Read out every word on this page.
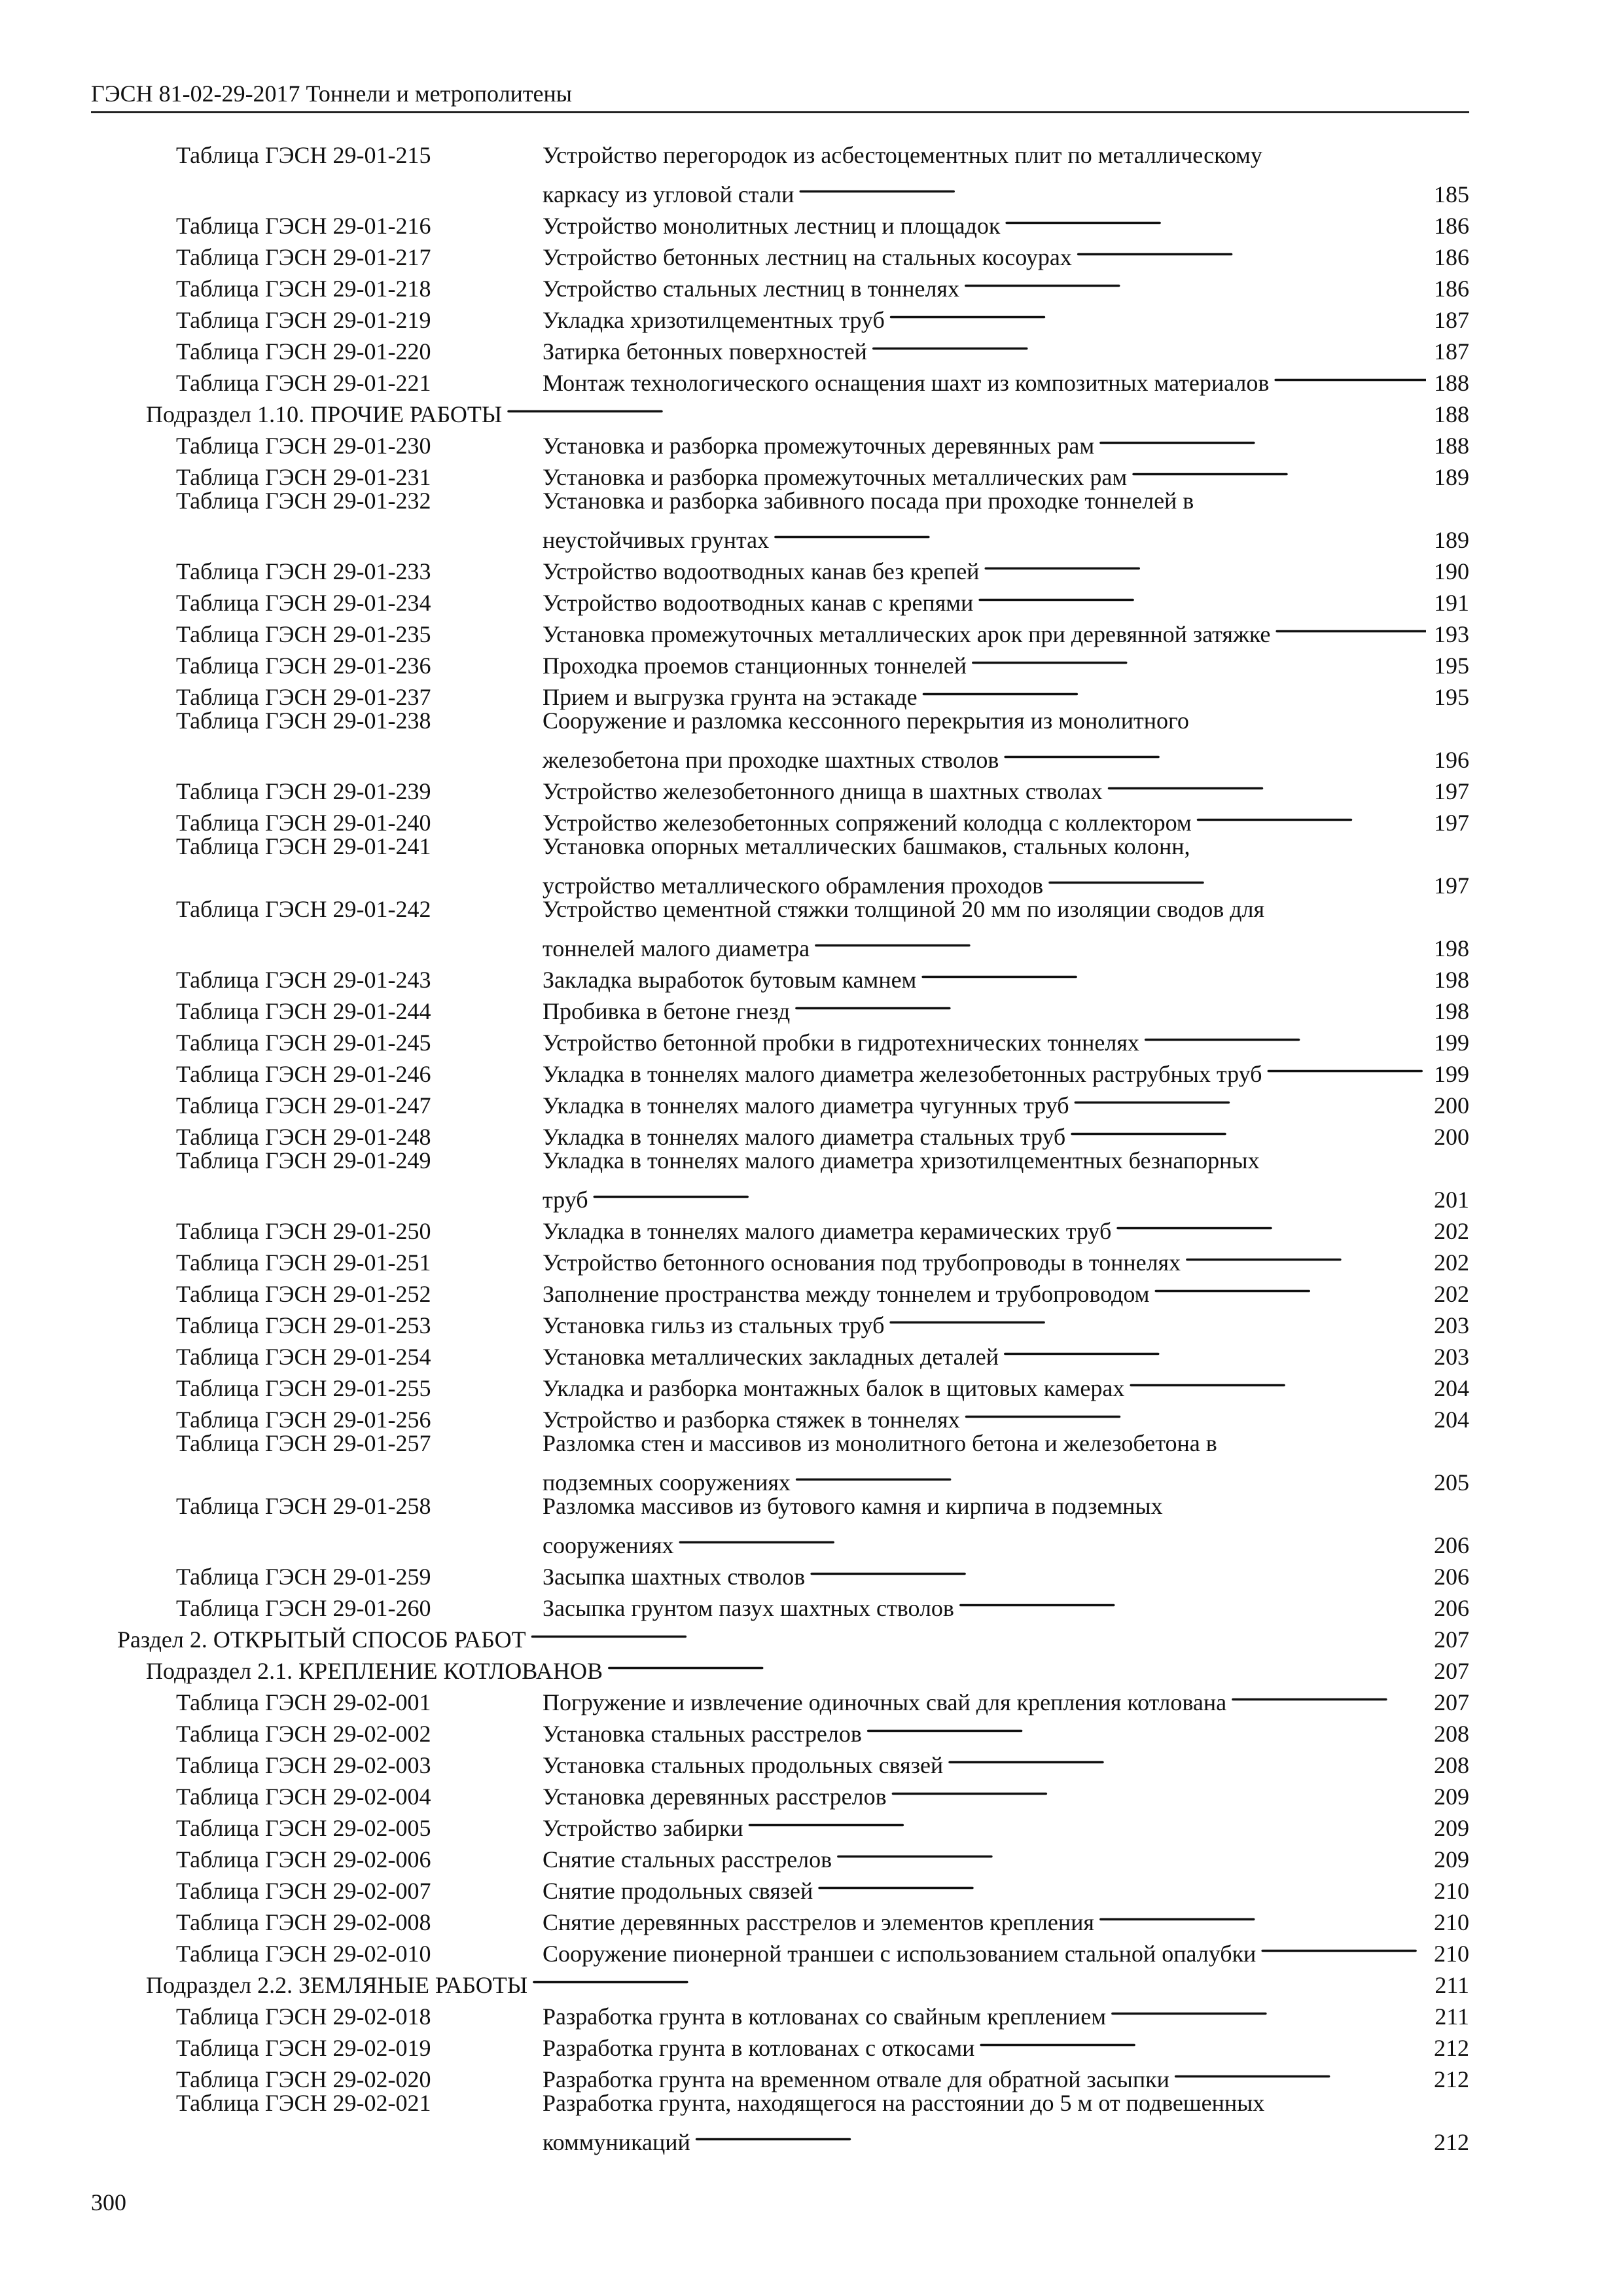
ГЭСН 81-02-29-2017 Тоннели и метрополитены
Таблица ГЭСН 29-01-215	Устройство перегородок из асбестоцементных плит по металлическому
каркасу из угловой стали . . .	185
Таблица ГЭСН 29-01-216	Устройство монолитных лестниц и площадок . . .	186
Таблица ГЭСН 29-01-217	Устройство бетонных лестниц на стальных косоурах . . .	186
Таблица ГЭСН 29-01-218	Устройство стальных лестниц в тоннелях . . .	186
Таблица ГЭСН 29-01-219	Укладка хризотилцементных труб . . .	187
Таблица ГЭСН 29-01-220	Затирка бетонных поверхностей . . .	187
Таблица ГЭСН 29-01-221	Монтаж технологического оснащения шахт из композитных материалов . . .	188
Подраздел 1.10. ПРОЧИЕ РАБОТЫ . . .	188
Таблица ГЭСН 29-01-230	Установка и разборка промежуточных деревянных рам . . .	188
Таблица ГЭСН 29-01-231	Установка и разборка промежуточных металлических рам . . .	189
Таблица ГЭСН 29-01-232	Установка и разборка забивного посада при проходке тоннелей в
неустойчивых грунтах . . .	189
Таблица ГЭСН 29-01-233	Устройство водоотводных канав без крепей . . .	190
Таблица ГЭСН 29-01-234	Устройство водоотводных канав с крепями . . .	191
Таблица ГЭСН 29-01-235	Установка промежуточных металлических арок при деревянной затяжке . . .	193
Таблица ГЭСН 29-01-236	Проходка проемов станционных тоннелей . . .	195
Таблица ГЭСН 29-01-237	Прием и выгрузка грунта на эстакаде . . .	195
Таблица ГЭСН 29-01-238	Сооружение и разломка кессонного перекрытия из монолитного
железобетона при проходке шахтных стволов . . .	196
Таблица ГЭСН 29-01-239	Устройство железобетонного днища в шахтных стволах . . .	197
Таблица ГЭСН 29-01-240	Устройство железобетонных сопряжений колодца с коллектором . . .	197
Таблица ГЭСН 29-01-241	Установка опорных металлических башмаков, стальных колонн,
устройство металлического обрамления проходов . . .	197
Таблица ГЭСН 29-01-242	Устройство цементной стяжки толщиной 20 мм по изоляции сводов для
тоннелей малого диаметра . . .	198
Таблица ГЭСН 29-01-243	Закладка выработок бутовым камнем . . .	198
Таблица ГЭСН 29-01-244	Пробивка в бетоне гнезд . . .	198
Таблица ГЭСН 29-01-245	Устройство бетонной пробки в гидротехнических тоннелях . . .	199
Таблица ГЭСН 29-01-246	Укладка в тоннелях малого диаметра железобетонных раструбных труб . . .	199
Таблица ГЭСН 29-01-247	Укладка в тоннелях малого диаметра чугунных труб . . .	200
Таблица ГЭСН 29-01-248	Укладка в тоннелях малого диаметра стальных труб . . .	200
Таблица ГЭСН 29-01-249	Укладка в тоннелях малого диаметра хризотилцементных безнапорных
труб . . .	201
Таблица ГЭСН 29-01-250	Укладка в тоннелях малого диаметра керамических труб . . .	202
Таблица ГЭСН 29-01-251	Устройство бетонного основания под трубопроводы в тоннелях . . .	202
Таблица ГЭСН 29-01-252	Заполнение пространства между тоннелем и трубопроводом . . .	202
Таблица ГЭСН 29-01-253	Установка гильз из стальных труб . . .	203
Таблица ГЭСН 29-01-254	Установка металлических закладных деталей . . .	203
Таблица ГЭСН 29-01-255	Укладка и разборка монтажных балок в щитовых камерах . . .	204
Таблица ГЭСН 29-01-256	Устройство и разборка стяжек в тоннелях . . .	204
Таблица ГЭСН 29-01-257	Разломка стен и массивов из монолитного бетона и железобетона в
подземных сооружениях . . .	205
Таблица ГЭСН 29-01-258	Разломка массивов из бутового камня и кирпича в подземных
сооружениях . . .	206
Таблица ГЭСН 29-01-259	Засыпка шахтных стволов . . .	206
Таблица ГЭСН 29-01-260	Засыпка грунтом пазух шахтных стволов . . .	206
Раздел 2. ОТКРЫТЫЙ СПОСОБ РАБОТ . . .	207
Подраздел 2.1. КРЕПЛЕНИЕ КОТЛОВАНОВ . . .	207
Таблица ГЭСН 29-02-001	Погружение и извлечение одиночных свай для крепления котлована . . .	207
Таблица ГЭСН 29-02-002	Установка стальных расстрелов . . .	208
Таблица ГЭСН 29-02-003	Установка стальных продольных связей . . .	208
Таблица ГЭСН 29-02-004	Установка деревянных расстрелов . . .	209
Таблица ГЭСН 29-02-005	Устройство забирки . . .	209
Таблица ГЭСН 29-02-006	Снятие стальных расстрелов . . .	209
Таблица ГЭСН 29-02-007	Снятие продольных связей . . .	210
Таблица ГЭСН 29-02-008	Снятие деревянных расстрелов и элементов крепления . . .	210
Таблица ГЭСН 29-02-010	Сооружение пионерной траншеи с использованием стальной опалубки . . .	210
Подраздел 2.2. ЗЕМЛЯНЫЕ РАБОТЫ . . .	211
Таблица ГЭСН 29-02-018	Разработка грунта в котлованах со свайным креплением . . .	211
Таблица ГЭСН 29-02-019	Разработка грунта в котлованах с откосами . . .	212
Таблица ГЭСН 29-02-020	Разработка грунта на временном отвале для обратной засыпки . . .	212
Таблица ГЭСН 29-02-021	Разработка грунта, находящегося на расстоянии до 5 м от подвешенных
коммуникаций . . .	212
300
